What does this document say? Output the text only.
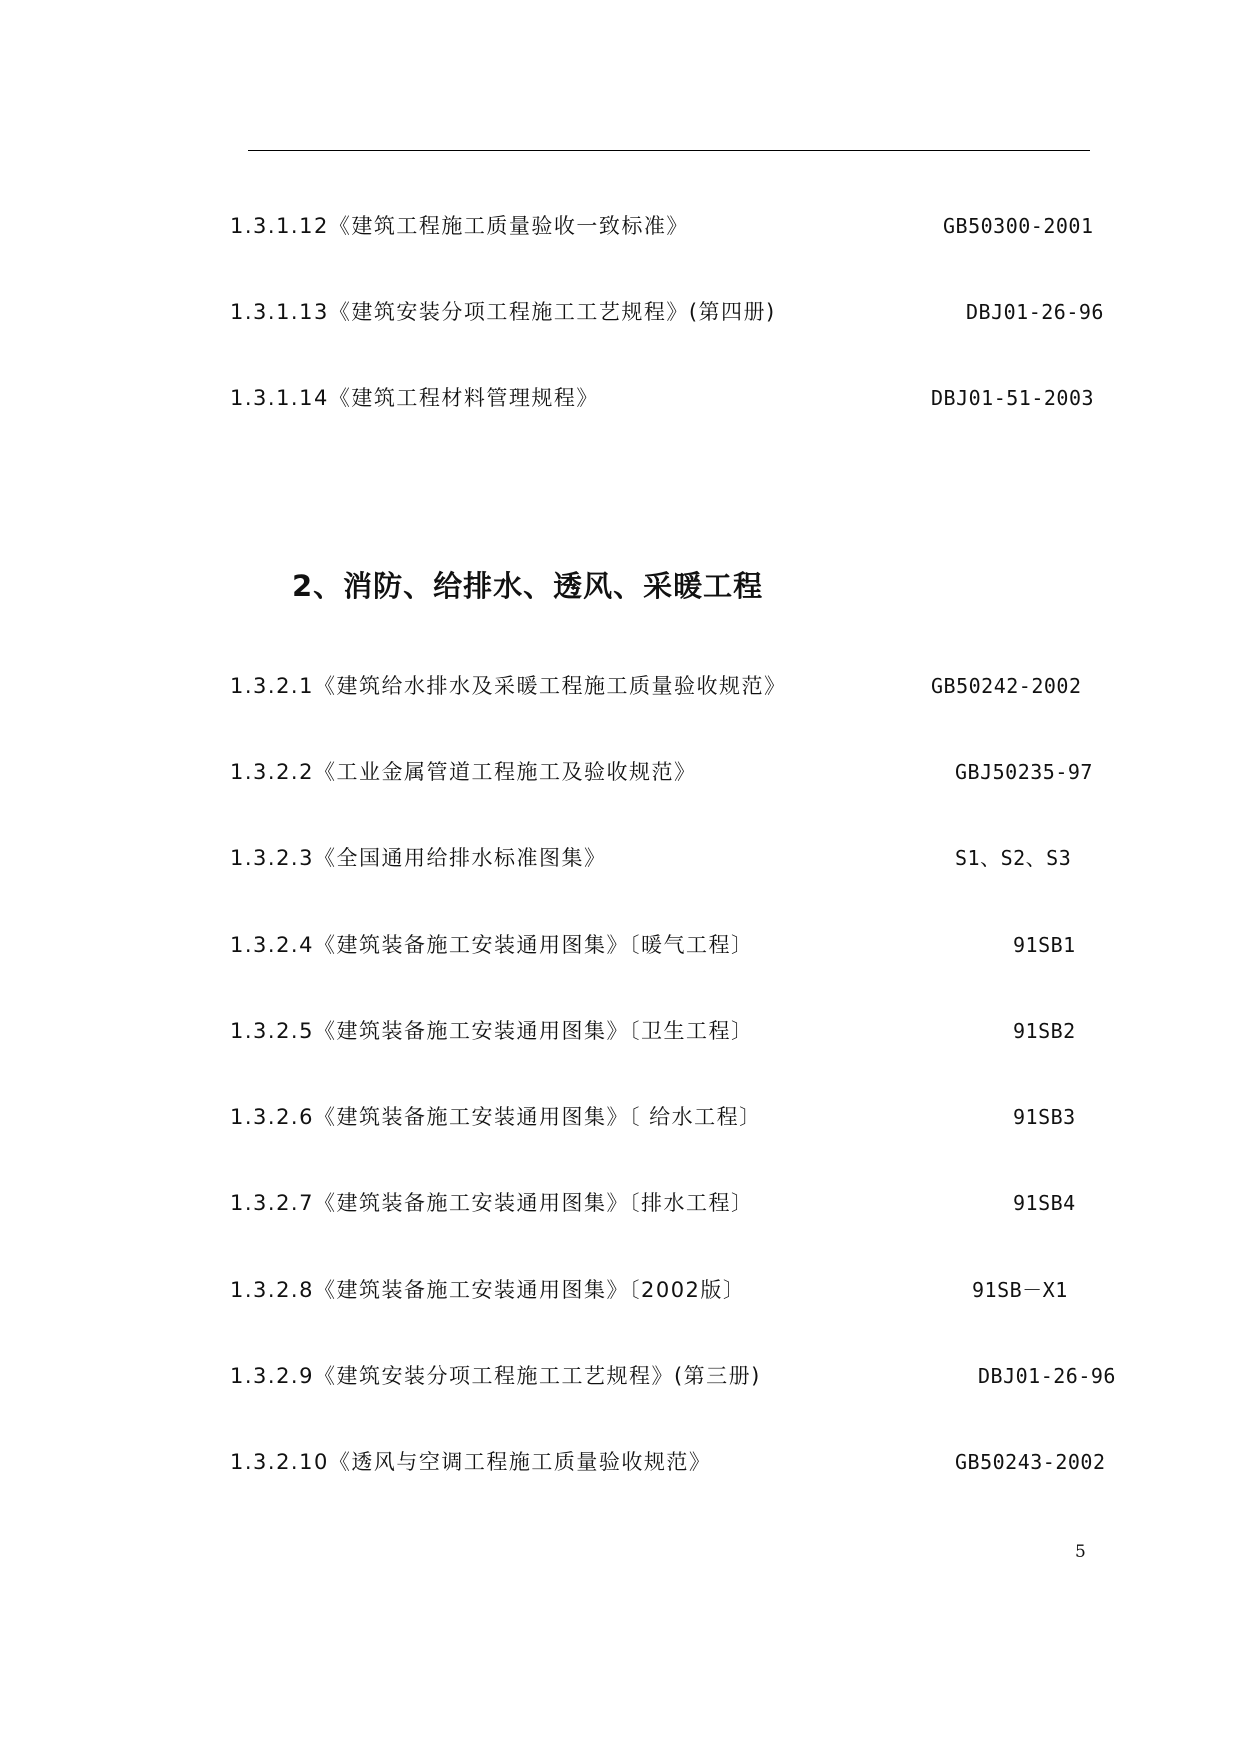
1.3.1.12《建筑工程施工质量验收一致标准》	GB50300-2001
1.3.1.13《建筑安装分项工程施工工艺规程》(第四册)	DBJ01-26-96
1.3.1.14《建筑工程材料管理规程》	DBJ01-51-2003
2、消防、给排水、透风、采暖工程
1.3.2.1《建筑给水排水及采暖工程施工质量验收规范》	GB50242-2002
1.3.2.2《工业金属管道工程施工及验收规范》	GBJ50235-97
1.3.2.3《全国通用给排水标准图集》	S1、S2、S3
1.3.2.4《建筑装备施工安装通用图集》〔暖气工程〕	91SB1
1.3.2.5《建筑装备施工安装通用图集》〔卫生工程〕	91SB2
1.3.2.6《建筑装备施工安装通用图集》〔 给水工程〕	91SB3
1.3.2.7《建筑装备施工安装通用图集》〔排水工程〕	91SB4
1.3.2.8《建筑装备施工安装通用图集》〔2002版〕	91SB－X1
1.3.2.9《建筑安装分项工程施工工艺规程》(第三册)	DBJ01-26-96
1.3.2.10《透风与空调工程施工质量验收规范》	GB50243-2002
5
